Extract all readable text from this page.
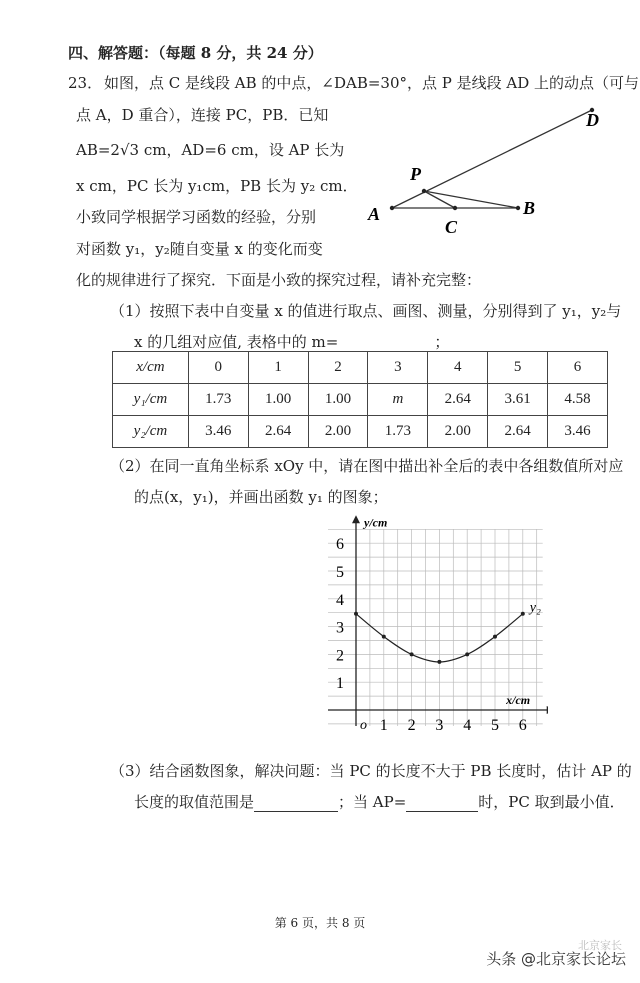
四、解答题：（每题 8 分，共 24 分）
23． 如图，点 C 是线段 AB 的中点，∠DAB=30°，点 P 是线段 AD 上的动点（可与
点 A，D 重合），连接 PC，PB．已知
AB=2√3 cm，AD=6 cm，设 AP 长为
x cm，PC 长为 y₁cm，PB 长为 y₂ cm．
小致同学根据学习函数的经验，分别
对函数 y₁，y₂随自变量 x 的变化而变
化的规律进行了探究．下面是小致的探究过程，请补充完整：
A	B
C
D
P
（1）按照下表中自变量 x 的值进行取点、画图、测量，分别得到了 y₁，y₂与
x 的几组对应值, 表格中的 m=	；
x/cm	0	1	2	3	4	5	6
y₁/cm	1.73	1.00	1.00	m	2.64	3.61	4.58
y₂/cm	3.46	2.64	2.00	1.73	2.00	2.64	3.46
（2）在同一直角坐标系 xOy 中，请在图中描出补全后的表中各组数值所对应
的点(x，y₁)，并画出函数 y₁ 的图象；
1 2 3 4 5 6
1
2
3
4
5
6
y/cm
x/cm
o
y₂
（3）结合函数图象，解决问题：当 PC 的长度不大于 PB 长度时，估计 AP 的
长度的取值范围是	；当 AP=	时，PC 取到最小值．
第 6 页，共 8 页
北京家长
头条 @北京家长论坛
